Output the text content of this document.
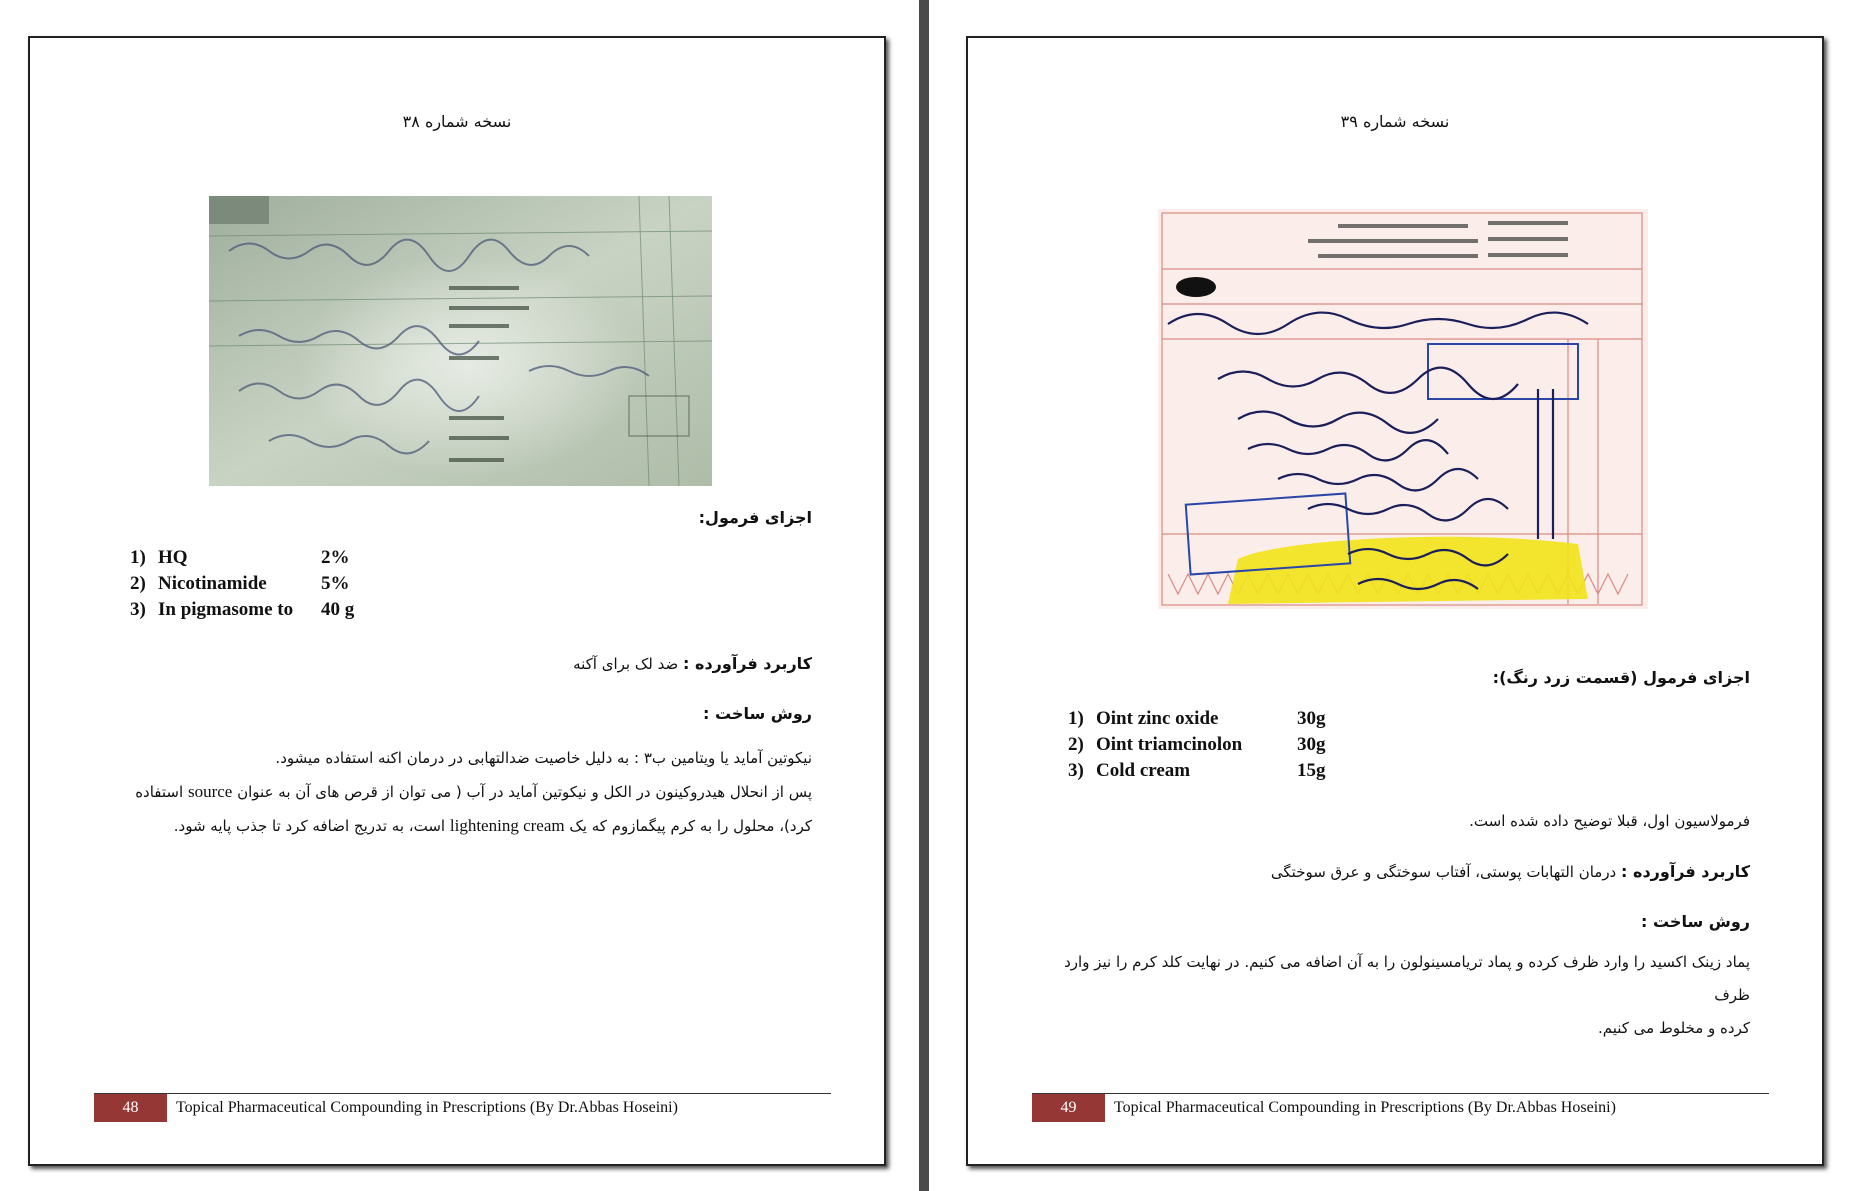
نسخه شماره ۳۸
اجزای فرمول:
1) HQ	2%
2) Nicotinamide	5%
3) In pigmasome to	40 g
کاربرد فرآورده : ضد لک برای آکنه
روش ساخت :
نیکوتین آماید یا ویتامین ب۳ : به دلیل خاصیت ضدالتهابی در درمان اکنه استفاده میشود.
پس از انحلال هیدروکینون در الکل و نیکوتین آماید در آب ( می توان از قرص های آن به عنوان source استفاده
کرد)، محلول را به کرم پیگمازوم که یک lightening cream است، به تدریج اضافه کرد تا جذب پایه شود.
48	Topical Pharmaceutical Compounding in Prescriptions (By Dr.Abbas Hoseini)
نسخه شماره ۳۹
اجزای فرمول (قسمت زرد رنگ):
1) Oint zinc oxide	30g
2) Oint triamcinolon	30g
3) Cold cream	15g
فرمولاسیون اول، قبلا توضیح داده شده است.
کاربرد فرآورده : درمان التهابات پوستی، آفتاب سوختگی و عرق سوختگی
روش ساخت :
پماد زینک اکسید را وارد ظرف کرده و پماد تریامسینولون را به آن اضافه می کنیم. در نهایت کلد کرم را نیز وارد ظرف
کرده و مخلوط می کنیم.
49	Topical Pharmaceutical Compounding in Prescriptions (By Dr.Abbas Hoseini)
